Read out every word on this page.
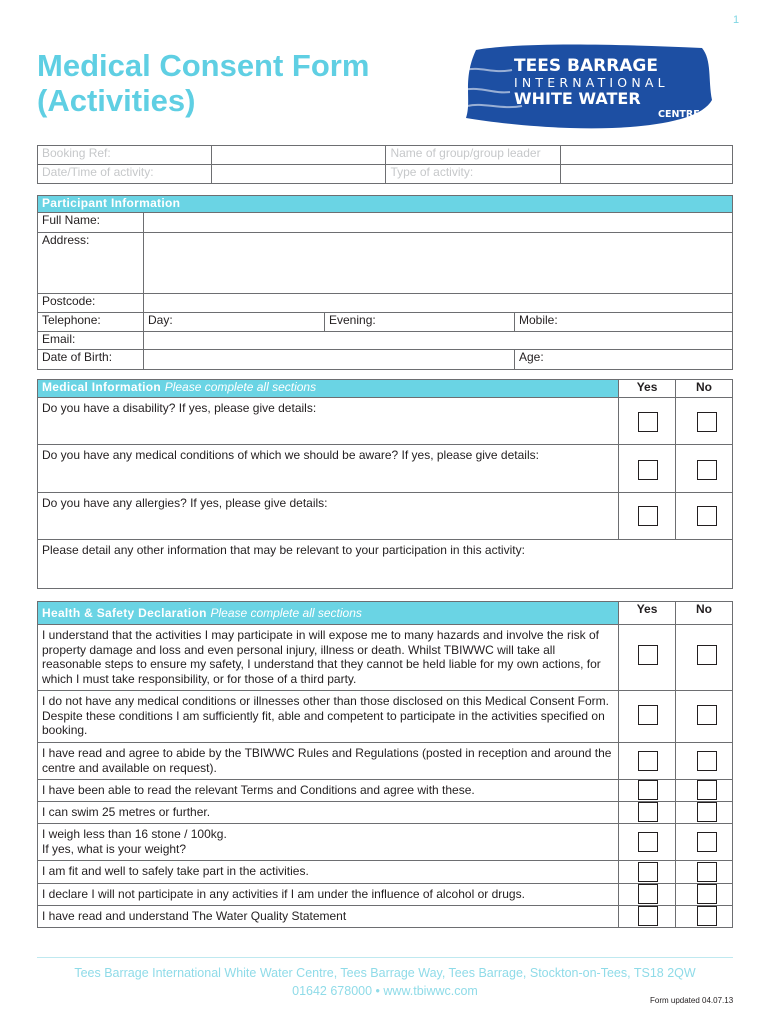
1
Medical Consent Form
(Activities)
TEES BARRAGE
INTERNATIONAL
WHITE WATER
CENTRE
Booking Ref:		Name of group/group leader	
Date/Time of activity:		Type of activity:	
Participant Information			
Full Name:			
Address:			
Postcode:			
Telephone:	Day:	Evening:	Mobile:
Email:			
Date of Birth:			Age:
Medical Information Please complete all sections	Yes	No
Do you have a disability? If yes, please give details:		
Do you have any medical conditions of which we should be aware? If yes, please give details:		
Do you have any allergies? If yes, please give details:		
Please detail any other information that may be relevant to your participation in this activity:		
Health & Safety Declaration Please complete all sections	Yes	No
I understand that the activities I may participate in will expose me to many hazards and involve the risk of property damage and loss and even personal injury, illness or death. Whilst TBIWWC will take all reasonable steps to ensure my safety, I understand that they cannot be held liable for my own actions, for which I must take responsibility, or for those of a third party.		
I do not have any medical conditions or illnesses other than those disclosed on this Medical Consent Form. Despite these conditions I am sufficiently fit, able and competent to participate in the activities specified on booking.		
I have read and agree to abide by the TBIWWC Rules and Regulations (posted in reception and around the centre and available on request).		
I have been able to read the relevant Terms and Conditions and agree with these.		
I can swim 25 metres or further.		
I weigh less than 16 stone / 100kg.
If yes, what is your weight?		
I am fit and well to safely take part in the activities.		
I declare I will not participate in any activities if I am under the influence of alcohol or drugs.		
I have read and understand The Water Quality Statement		
Tees Barrage International White Water Centre, Tees Barrage Way, Tees Barrage, Stockton-on-Tees, TS18 2QW
01642 678000 • www.tbiwwc.com
Form updated 04.07.13
